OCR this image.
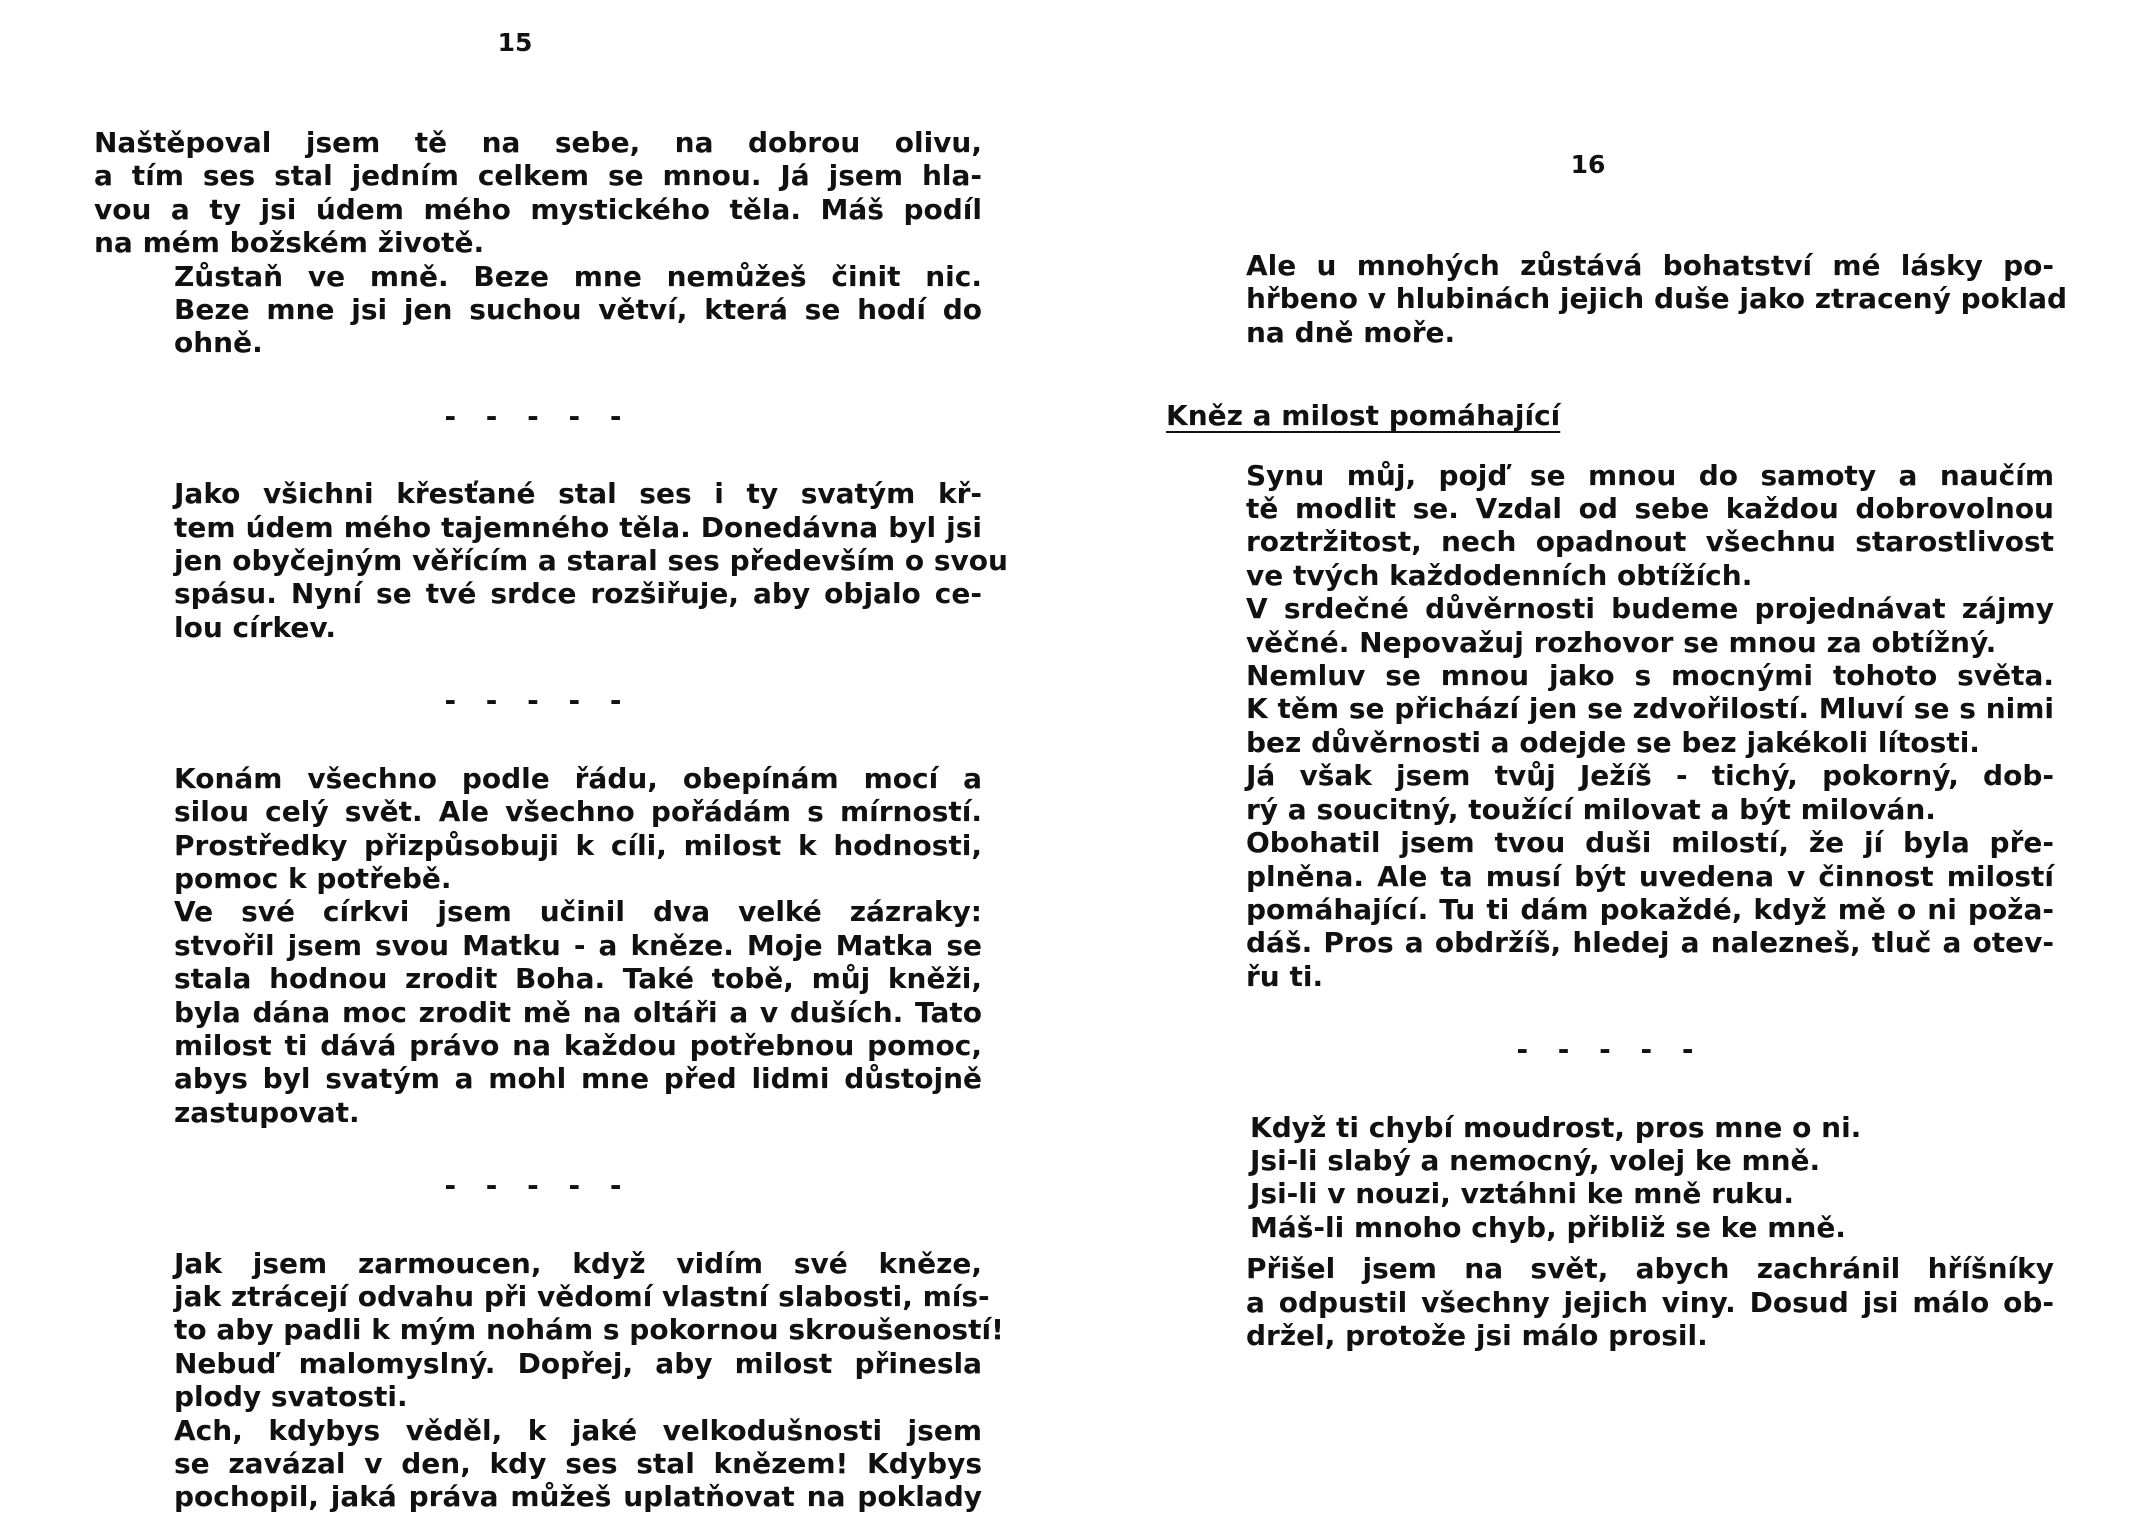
15

Naštěpoval jsem tě na sebe, na dobrou olivu,
a tím ses stal jedním celkem se mnou. Já jsem hla-
vou a ty jsi údem mého mystického těla. Máš podíl
na mém božském životě.

Zůstaň ve mně. Beze mne nemůžeš činit nic.
Beze mne jsi jen suchou větví, která se hodí do
ohně.

- - - - -

Jako všichni křesťané stal ses i ty svatým kř-
tem údem mého tajemného těla. Donedávna byl jsi
jen obyčejným věřícím a staral ses především o svou
spásu. Nyní se tvé srdce rozšiřuje, aby objalo ce-
lou církev.

- - - - -

Konám všechno podle řádu, obepínám mocí a
silou celý svět. Ale všechno pořádám s mírností.
Prostředky přizpůsobuji k cíli, milost k hodnosti,
pomoc k potřebě.

Ve své církvi jsem učinil dva velké zázraky:
stvořil jsem svou Matku - a kněze. Moje Matka se
stala hodnou zrodit Boha. Také tobě, můj kněži,
byla dána moc zrodit mě na oltáři a v duších. Tato
milost ti dává právo na každou potřebnou pomoc,
abys byl svatým a mohl mne před lidmi důstojně
zastupovat.

- - - - -

Jak jsem zarmoucen, když vidím své kněze,
jak ztrácejí odvahu při vědomí vlastní slabosti, mís-
to aby padli k mým nohám s pokornou skroušeností!

Nebuď malomyslný. Dopřej, aby milost přinesla
plody svatosti.

Ach, kdybys věděl, k jaké velkodušnosti jsem
se zavázal v den, kdy ses stal knězem! Kdybys
pochopil, jaká práva můžeš uplatňovat na poklady

16

Ale u mnohých zůstává bohatství mé lásky po-
hřbeno v hlubinách jejich duše jako ztracený poklad
na dně moře.

Kněz a milost pomáhající

Synu můj, pojď se mnou do samoty a naučím
tě modlit se. Vzdal od sebe každou dobrovolnou
roztržitost, nech opadnout všechnu starostlivost
ve tvých každodenních obtížích.

V srdečné důvěrnosti budeme projednávat zájmy
věčné. Nepovažuj rozhovor se mnou za obtížný.

Nemluv se mnou jako s mocnými tohoto světa.
K těm se přichází jen se zdvořilostí. Mluví se s nimi
bez důvěrnosti a odejde se bez jakékoli lítosti.

Já však jsem tvůj Ježíš - tichý, pokorný, dob-
rý a soucitný, toužící milovat a být milován.

Obohatil jsem tvou duši milostí, že jí byla pře-
plněna. Ale ta musí být uvedena v činnost milostí
pomáhající. Tu ti dám pokaždé, když mě o ni poža-
dáš. Pros a obdržíš, hledej a nalezneš, tluč a otev-
řu ti.

- - - - -
Když ti chybí moudrost, pros mne o ni.
Jsi-li slabý a nemocný, volej ke mně.
Jsi-li v nouzi, vztáhni ke mně ruku.
Máš-li mnoho chyb, přibliž se ke mně.

Přišel jsem na svět, abych zachránil hříšníky
a odpustil všechny jejich viny. Dosud jsi málo ob-
držel, protože jsi málo prosil.
